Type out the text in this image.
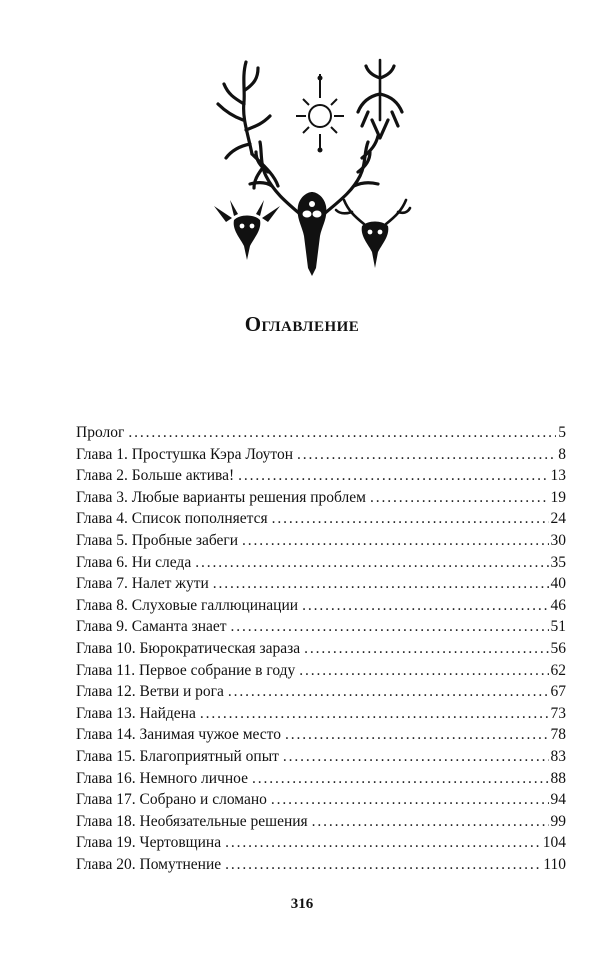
Оглавление
Пролог . . .	5
Глава 1. Простушка Кэра Лоутон . . .	8
Глава 2. Больше актива! . . .	13
Глава 3. Любые варианты решения проблем . . .	19
Глава 4. Список пополняется . . .	24
Глава 5. Пробные забеги . . .	30
Глава 6. Ни следа . . .	35
Глава 7. Налет жути . . .	40
Глава 8. Слуховые галлюцинации . . .	46
Глава 9. Саманта знает . . .	51
Глава 10. Бюрократическая зараза . . .	56
Глава 11. Первое собрание в году . . .	62
Глава 12. Ветви и рога . . .	67
Глава 13. Найдена . . .	73
Глава 14. Занимая чужое место . . .	78
Глава 15. Благоприятный опыт . . .	83
Глава 16. Немного личное . . .	88
Глава 17. Собрано и сломано . . .	94
Глава 18. Необязательные решения . . .	99
Глава 19. Чертовщина . . .	104
Глава 20. Помутнение . . .	110
316
